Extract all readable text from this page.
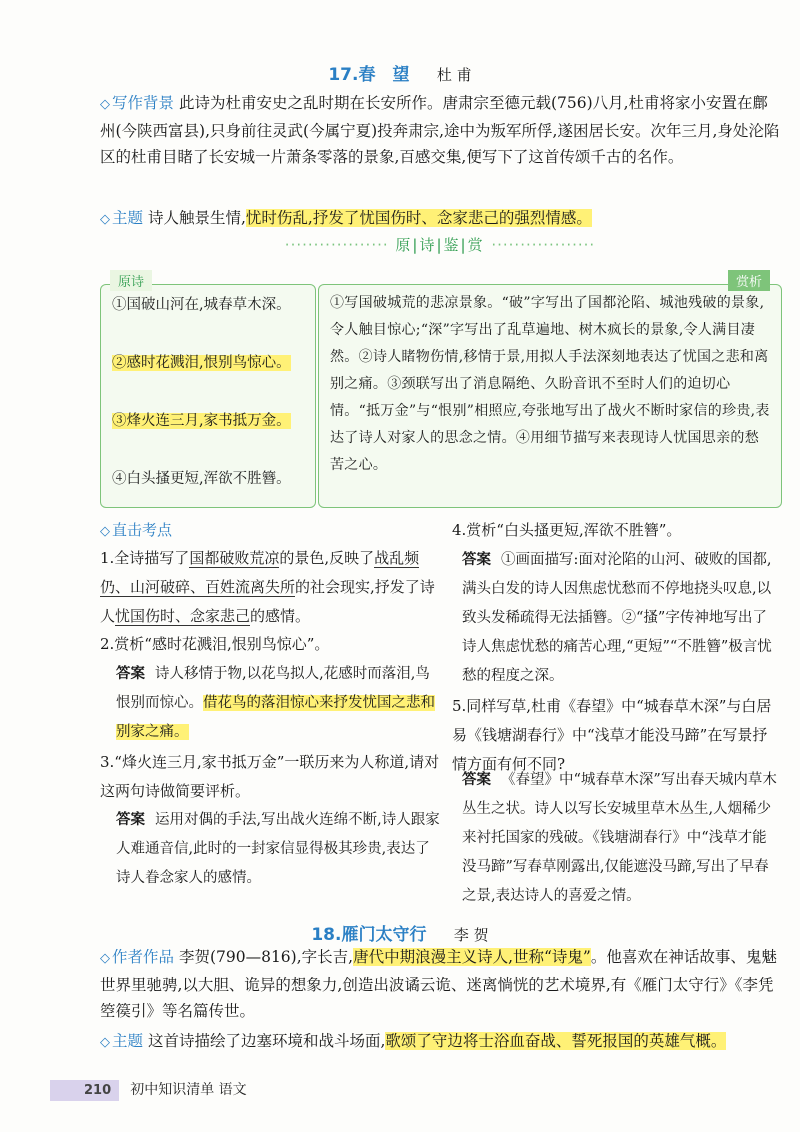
17.春　望 杜 甫
◇ 写作背景 此诗为杜甫安史之乱时期在长安所作。唐肃宗至德元载(756)八月,杜甫将家小安置在鄜州(今陕西富县),只身前往灵武(今属宁夏)投奔肃宗,途中为叛军所俘,遂困居长安。次年三月,身处沦陷区的杜甫目睹了长安城一片萧条零落的景象,百感交集,便写下了这首传颂千古的名作。
◇ 主题 诗人触景生情,忧时伤乱,抒发了忧国伤时、念家悲己的强烈情感。
·················· 原|诗|鉴|赏 ··················
原诗
①国破山河在,城春草木深。
②感时花溅泪,恨别鸟惊心。
③烽火连三月,家书抵万金。
④白头搔更短,浑欲不胜簪。
赏析
①写国破城荒的悲凉景象。“破”字写出了国都沦陷、城池残破的景象,令人触目惊心;“深”字写出了乱草遍地、树木疯长的景象,令人满目凄然。②诗人睹物伤情,移情于景,用拟人手法深刻地表达了忧国之悲和离别之痛。③颈联写出了消息隔绝、久盼音讯不至时人们的迫切心情。“抵万金”与“恨别”相照应,夸张地写出了战火不断时家信的珍贵,表达了诗人对家人的思念之情。④用细节描写来表现诗人忧国思亲的愁苦之心。
◇ 直击考点
1.全诗描写了国都破败荒凉的景色,反映了战乱频仍、山河破碎、百姓流离失所的社会现实,抒发了诗人忧国伤时、念家悲己的感情。
2.赏析“感时花溅泪,恨别鸟惊心”。
答案 诗人移情于物,以花鸟拟人,花感时而落泪,鸟恨别而惊心。借花鸟的落泪惊心来抒发忧国之悲和别家之痛。
3.“烽火连三月,家书抵万金”一联历来为人称道,请对这两句诗做简要评析。
答案 运用对偶的手法,写出战火连绵不断,诗人跟家人难通音信,此时的一封家信显得极其珍贵,表达了诗人眷念家人的感情。
4.赏析“白头搔更短,浑欲不胜簪”。
答案 ①画面描写:面对沦陷的山河、破败的国都,满头白发的诗人因焦虑忧愁而不停地挠头叹息,以致头发稀疏得无法插簪。②“搔”字传神地写出了诗人焦虑忧愁的痛苦心理,“更短”“不胜簪”极言忧愁的程度之深。
5.同样写草,杜甫《春望》中“城春草木深”与白居易《钱塘湖春行》中“浅草才能没马蹄”在写景抒情方面有何不同?
答案 《春望》中“城春草木深”写出春天城内草木丛生之状。诗人以写长安城里草木丛生,人烟稀少来衬托国家的残破。《钱塘湖春行》中“浅草才能没马蹄”写春草刚露出,仅能遮没马蹄,写出了早春之景,表达诗人的喜爱之情。
18.雁门太守行 李 贺
◇ 作者作品 李贺(790—816),字长吉,唐代中期浪漫主义诗人,世称“诗鬼”。他喜欢在神话故事、鬼魅世界里驰骋,以大胆、诡异的想象力,创造出波谲云诡、迷离惝恍的艺术境界,有《雁门太守行》《李凭箜篌引》等名篇传世。
◇ 主题 这首诗描绘了边塞环境和战斗场面,歌颂了守边将士浴血奋战、誓死报国的英雄气概。
210 初中知识清单 语文
